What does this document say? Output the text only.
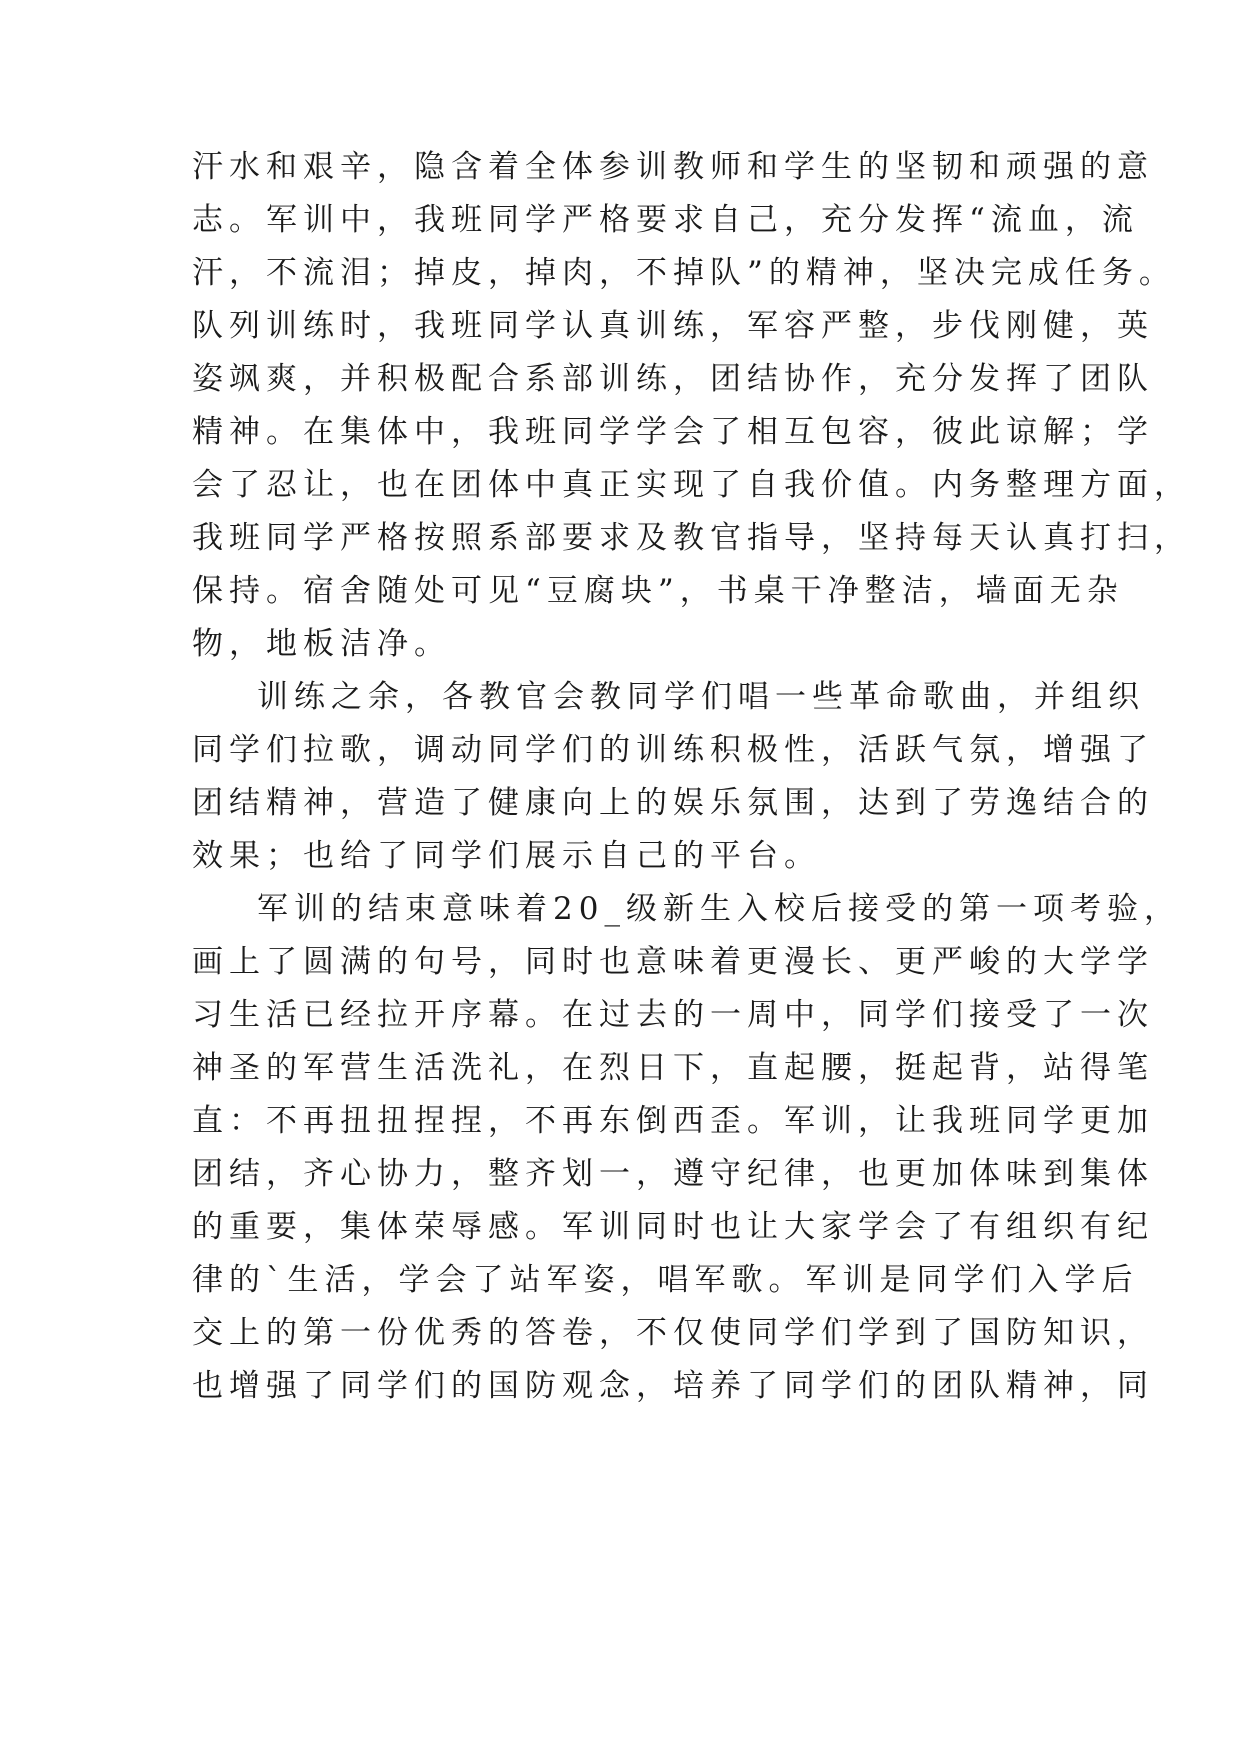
汗水和艰辛，隐含着全体参训教师和学生的坚韧和顽强的意
志。军训中，我班同学严格要求自己，充分发挥“流血，流
汗，不流泪；掉皮，掉肉，不掉队”的精神，坚决完成任务。
队列训练时，我班同学认真训练，军容严整，步伐刚健，英
姿飒爽，并积极配合系部训练，团结协作，充分发挥了团队
精神。在集体中，我班同学学会了相互包容，彼此谅解；学
会了忍让，也在团体中真正实现了自我价值。内务整理方面，
我班同学严格按照系部要求及教官指导，坚持每天认真打扫，
保持。宿舍随处可见“豆腐块”，书桌干净整洁，墙面无杂
物，地板洁净。
训练之余，各教官会教同学们唱一些革命歌曲，并组织
同学们拉歌，调动同学们的训练积极性，活跃气氛，增强了
团结精神，营造了健康向上的娱乐氛围，达到了劳逸结合的
效果；也给了同学们展示自己的平台。
军训的结束意味着20_级新生入校后接受的第一项考验，
画上了圆满的句号，同时也意味着更漫长、更严峻的大学学
习生活已经拉开序幕。在过去的一周中，同学们接受了一次
神圣的军营生活洗礼，在烈日下，直起腰，挺起背，站得笔
直：不再扭扭捏捏，不再东倒西歪。军训，让我班同学更加
团结，齐心协力，整齐划一，遵守纪律，也更加体味到集体
的重要，集体荣辱感。军训同时也让大家学会了有组织有纪
律的`生活，学会了站军姿，唱军歌。军训是同学们入学后
交上的第一份优秀的答卷，不仅使同学们学到了国防知识，
也增强了同学们的国防观念，培养了同学们的团队精神，同
